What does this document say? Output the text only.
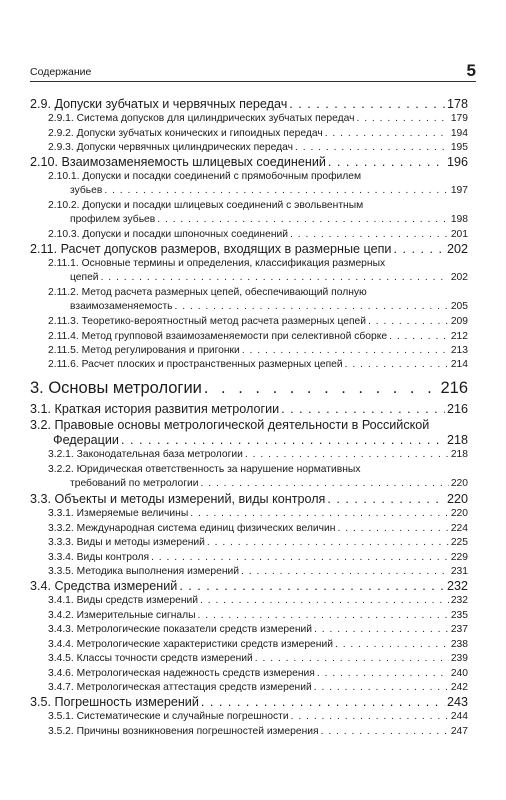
Содержание	5
2.9. Допуски зубчатых и червячных передач . . .	178
2.9.1. Система допусков для цилиндрических зубчатых передач . . .	179
2.9.2. Допуски зубчатых конических и гипоидных передач . . .	194
2.9.3. Допуски червячных цилиндрических передач . . .	195
2.10. Взаимозаменяемость шлицевых соединений . . .	196
2.10.1. Допуски и посадки соединений с прямобочным профилем
зубьев . . .	197
2.10.2. Допуски и посадки шлицевых соединений с эвольвентным
профилем зубьев . . .	198
2.10.3. Допуски и посадки шпоночных соединений . . .	201
2.11. Расчет допусков размеров, входящих в размерные цепи . . .	202
2.11.1. Основные термины и определения, классификация размерных
цепей . . .	202
2.11.2. Метод расчета размерных цепей, обеспечивающий полную
взаимозаменяемость . . .	205
2.11.3. Теоретико-вероятностный метод расчета размерных цепей . . .	209
2.11.4. Метод групповой взаимозаменяемости при селективной сборке . . .	212
2.11.5. Метод регулирования и пригонки . . .	213
2.11.6. Расчет плоских и пространственных размерных цепей . . .	214
3. Основы метрологии . . .	216
3.1. Краткая история развития метрологии . . .	216
3.2. Правовые основы метрологической деятельности в Российской
Федерации . . .	218
3.2.1. Законодательная база метрологии . . .	218
3.2.2. Юридическая ответственность за нарушение нормативных
требований по метрологии . . .	220
3.3. Объекты и методы измерений, виды контроля . . .	220
3.3.1. Измеряемые величины . . .	220
3.3.2. Международная система единиц физических величин . . .	224
3.3.3. Виды и методы измерений . . .	225
3.3.4. Виды контроля . . .	229
3.3.5. Методика выполнения измерений . . .	231
3.4. Средства измерений . . .	232
3.4.1. Виды средств измерений . . .	232
3.4.2. Измерительные сигналы . . .	235
3.4.3. Метрологические показатели средств измерений . . .	237
3.4.4. Метрологические характеристики средств измерений . . .	238
3.4.5. Классы точности средств измерений . . .	239
3.4.6. Метрологическая надежность средств измерения . . .	240
3.4.7. Метрологическая аттестация средств измерений . . .	242
3.5. Погрешность измерений . . .	243
3.5.1. Систематические и случайные погрешности . . .	244
3.5.2. Причины возникновения погрешностей измерения . . .	247
